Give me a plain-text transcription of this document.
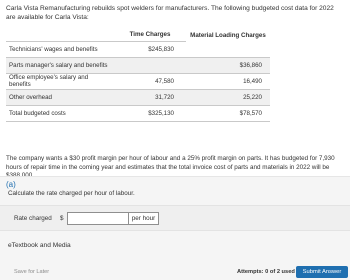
Carla Vista Remanufacturing rebuilds spot welders for manufacturers. The following budgeted cost data for 2022 are available for Carla Vista:
	Time Charges	Material Loading Charges
Technicians' wages and benefits	$245,830	
Parts manager's salary and benefits		$36,860
Office employee's salary and benefits	47,580	16,490
Other overhead	31,720	25,220
Total budgeted costs	$325,130	$78,570
The company wants a $30 profit margin per hour of labour and a 25% profit margin on parts. It has budgeted for 7,930 hours of repair time in the coming year and estimates that the total invoice cost of parts and materials in 2022 will be
(a)
Calculate the rate charged per hour of labour.
Rate charged $	per hour
eTextbook and Media
Save for Later	Attempts: 0 of 2 used	Submit Answer
